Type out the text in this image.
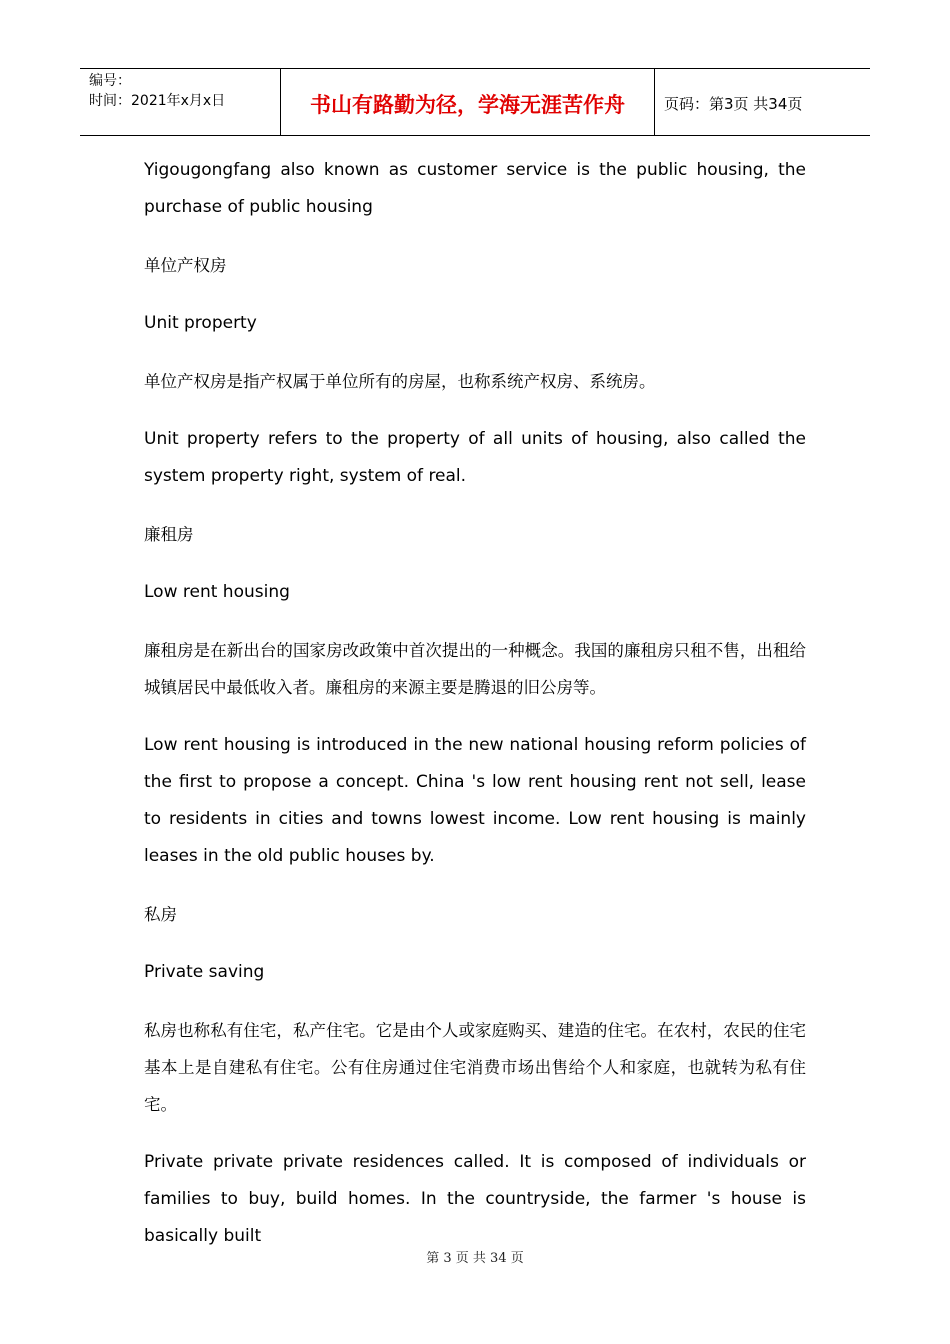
编号：
时间：2021年x月x日	书山有路勤为径，学海无涯苦作舟	页码：第3页 共34页

Yigougongfang also known as customer service is the public housing, the purchase of public housing

单位产权房

Unit property

单位产权房是指产权属于单位所有的房屋，也称系统产权房、系统房。

Unit property refers to the property of all units of housing, also called the system property right, system of real.

廉租房

Low rent housing

廉租房是在新出台的国家房改政策中首次提出的一种概念。我国的廉租房只租不售，出租给城镇居民中最低收入者。廉租房的来源主要是腾退的旧公房等。

Low rent housing is introduced in the new national housing reform policies of the first to propose a concept. China 's low rent housing rent not sell, lease to residents in cities and towns lowest income. Low rent housing is mainly leases in the old public houses by.

私房

Private saving

私房也称私有住宅，私产住宅。它是由个人或家庭购买、建造的住宅。在农村，农民的住宅基本上是自建私有住宅。公有住房通过住宅消费市场出售给个人和家庭，也就转为私有住宅。

Private private private residences called. It is composed of individuals or families to buy, build homes. In the countryside, the farmer 's house is basically built

第 3 页 共 34 页
